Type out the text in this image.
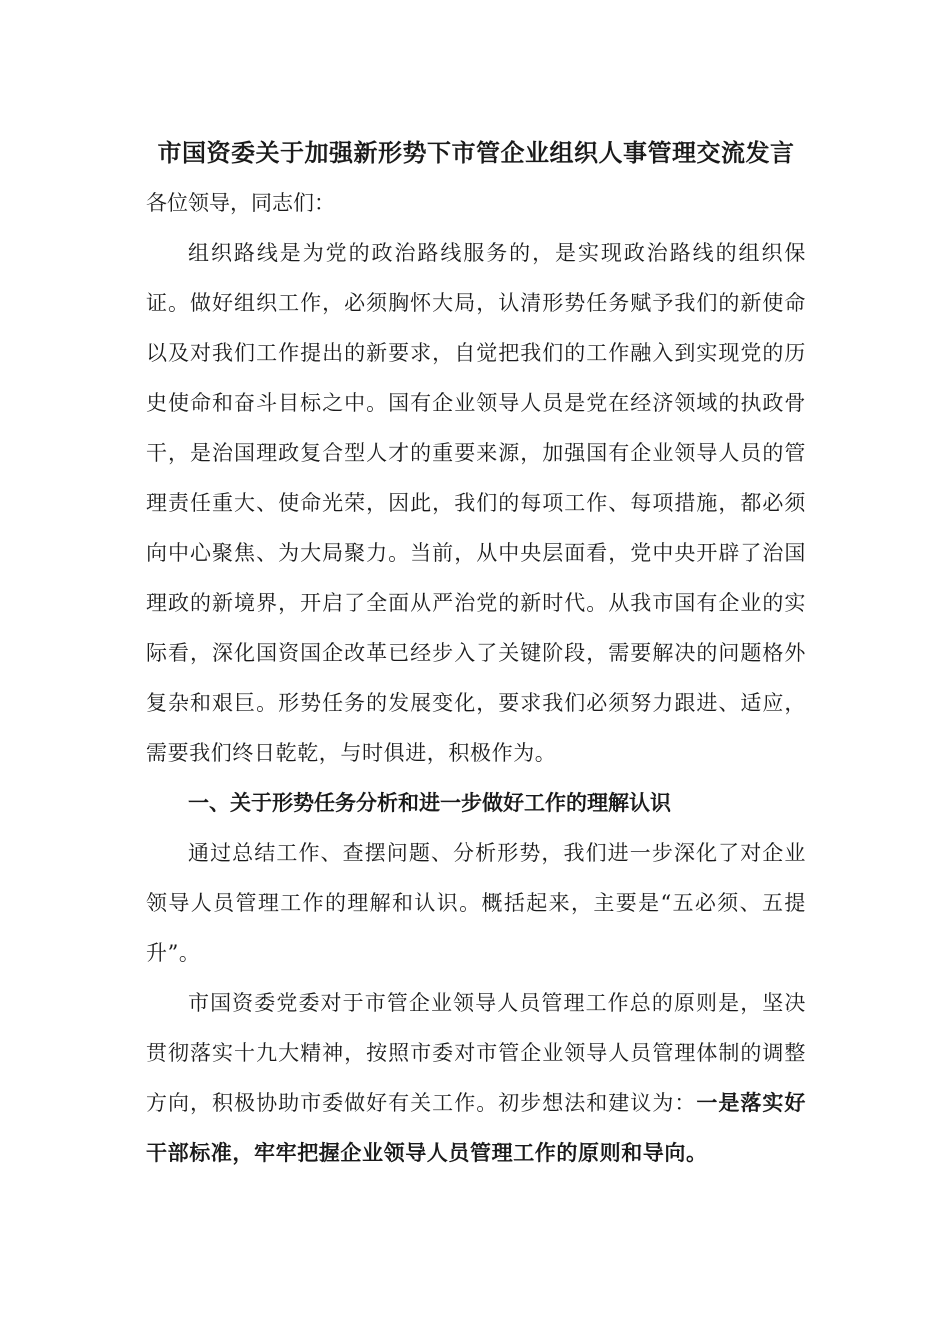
市国资委关于加强新形势下市管企业组织人事管理交流发言

各位领导，同志们：

组织路线是为党的政治路线服务的，是实现政治路线的组织保证。做好组织工作，必须胸怀大局，认清形势任务赋予我们的新使命以及对我们工作提出的新要求，自觉把我们的工作融入到实现党的历史使命和奋斗目标之中。国有企业领导人员是党在经济领域的执政骨干，是治国理政复合型人才的重要来源，加强国有企业领导人员的管理责任重大、使命光荣，因此，我们的每项工作、每项措施，都必须向中心聚焦、为大局聚力。当前，从中央层面看，党中央开辟了治国理政的新境界，开启了全面从严治党的新时代。从我市国有企业的实际看，深化国资国企改革已经步入了关键阶段，需要解决的问题格外复杂和艰巨。形势任务的发展变化，要求我们必须努力跟进、适应，需要我们终日乾乾，与时俱进，积极作为。

一、关于形势任务分析和进一步做好工作的理解认识

通过总结工作、查摆问题、分析形势，我们进一步深化了对企业领导人员管理工作的理解和认识。概括起来，主要是“五必须、五提升”。

市国资委党委对于市管企业领导人员管理工作总的原则是，坚决贯彻落实十九大精神，按照市委对市管企业领导人员管理体制的调整方向，积极协助市委做好有关工作。初步想法和建议为：一是落实好干部标准，牢牢把握企业领导人员管理工作的原则和导向。
